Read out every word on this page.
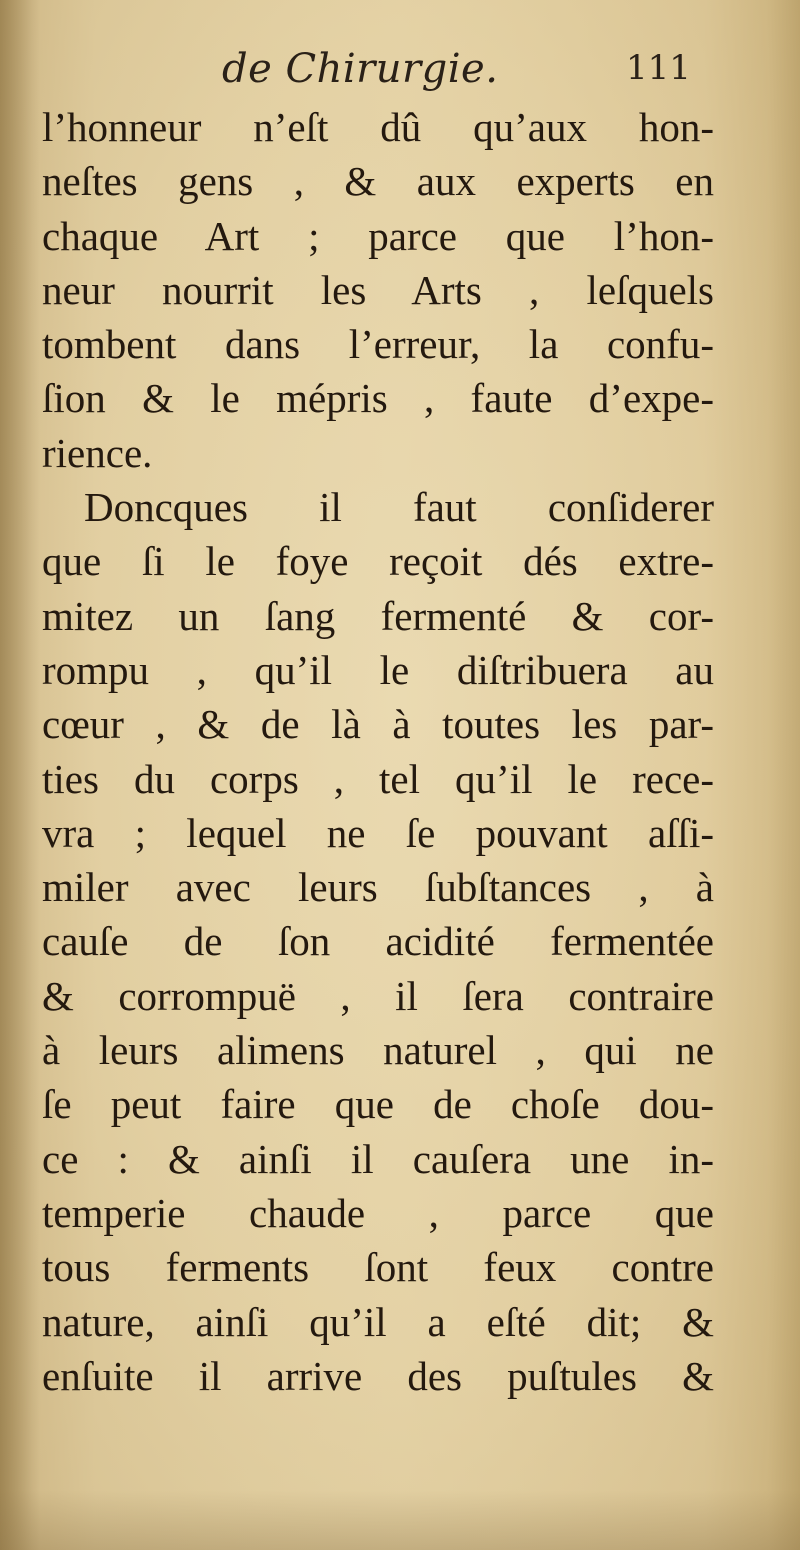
de Chirurgie.	111
l’honneur n’eſt dû qu’aux hon-
neſtes gens , & aux experts en
chaque Art ; parce que l’hon-
neur nourrit les Arts , leſquels
tombent dans l’erreur, la confu-
ſion & le mépris , faute d’expe-
rience.
Doncques il faut conſiderer
que ſi le foye reçoit dés extre-
mitez un ſang fermenté & cor-
rompu , qu’il le diſtribuera au
cœur , & de là à toutes les par-
ties du corps , tel qu’il le rece-
vra ; lequel ne ſe pouvant aſſi-
miler avec leurs ſubſtances , à
cauſe de ſon acidité fermentée
& corrompuë , il ſera contraire
à leurs alimens naturel , qui ne
ſe peut faire que de choſe dou-
ce : & ainſi il cauſera une in-
temperie chaude , parce que
tous ferments ſont feux contre
nature, ainſi qu’il a eſté dit; &
enſuite il arrive des puſtules &
